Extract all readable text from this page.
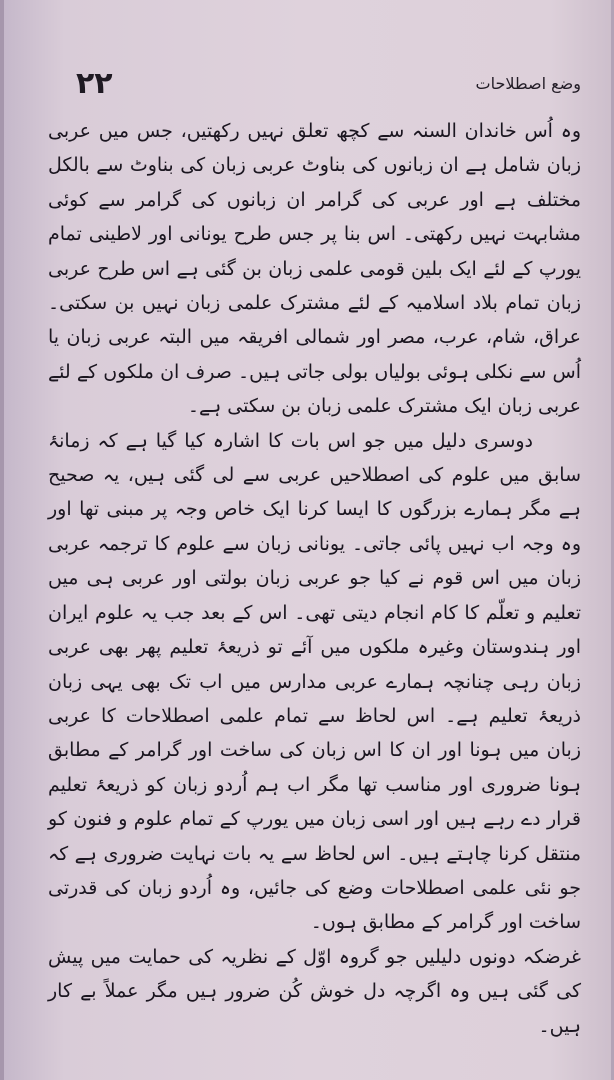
۲۲	وضع اصطلاحات

وہ اُس خاندان السنہ سے کچھ تعلق نہیں رکھتیں، جس میں عربی زبان شامل ہے ان زبانوں کی بناوٹ عربی زبان کی بناوٹ سے بالکل مختلف ہے اور عربی کی گرامر ان زبانوں کی گرامر سے کوئی مشابہت نہیں رکھتی۔ اس بنا پر جس طرح یونانی اور لاطینی تمام یورپ کے لئے ایک بلین قومی علمی زبان بن گئی ہے اس طرح عربی زبان تمام بلاد اسلامیہ کے لئے مشترک علمی زبان نہیں بن سکتی۔ عراق، شام، عرب، مصر اور شمالی افریقہ میں البتہ عربی زبان یا اُس سے نکلی ہوئی بولیاں بولی جاتی ہیں۔ صرف ان ملکوں کے لئے عربی زبان ایک مشترک علمی زبان بن سکتی ہے۔

دوسری دلیل میں جو اس بات کا اشارہ کیا گیا ہے کہ زمانۂ سابق میں علوم کی اصطلاحیں عربی سے لی گئی ہیں، یہ صحیح ہے مگر ہمارے بزرگوں کا ایسا کرنا ایک خاص وجہ پر مبنی تھا اور وہ وجہ اب نہیں پائی جاتی۔ یونانی زبان سے علوم کا ترجمہ عربی زبان میں اس قوم نے کیا جو عربی زبان بولتی اور عربی ہی میں تعلیم و تعلّم کا کام انجام دیتی تھی۔ اس کے بعد جب یہ علوم ایران اور ہندوستان وغیرہ ملکوں میں آئے تو ذریعۂ تعلیم پھر بھی عربی زبان رہی چنانچہ ہمارے عربی مدارس میں اب تک بھی یہی زبان ذریعۂ تعلیم ہے۔ اس لحاظ سے تمام علمی اصطلاحات کا عربی زبان میں ہونا اور ان کا اس زبان کی ساخت اور گرامر کے مطابق ہونا ضروری اور مناسب تھا مگر اب ہم اُردو زبان کو ذریعۂ تعلیم قرار دے رہے ہیں اور اسی زبان میں یورپ کے تمام علوم و فنون کو منتقل کرنا چاہتے ہیں۔ اس لحاظ سے یہ بات نہایت ضروری ہے کہ جو نئی علمی اصطلاحات وضع کی جائیں، وہ اُردو زبان کی قدرتی ساخت اور گرامر کے مطابق ہوں۔

غرضکہ دونوں دلیلیں جو گروہ اوّل کے نظریہ کی حمایت میں پیش کی گئی ہیں وہ اگرچہ دل خوش کُن ضرور ہیں مگر عملاً بے کار ہیں۔
